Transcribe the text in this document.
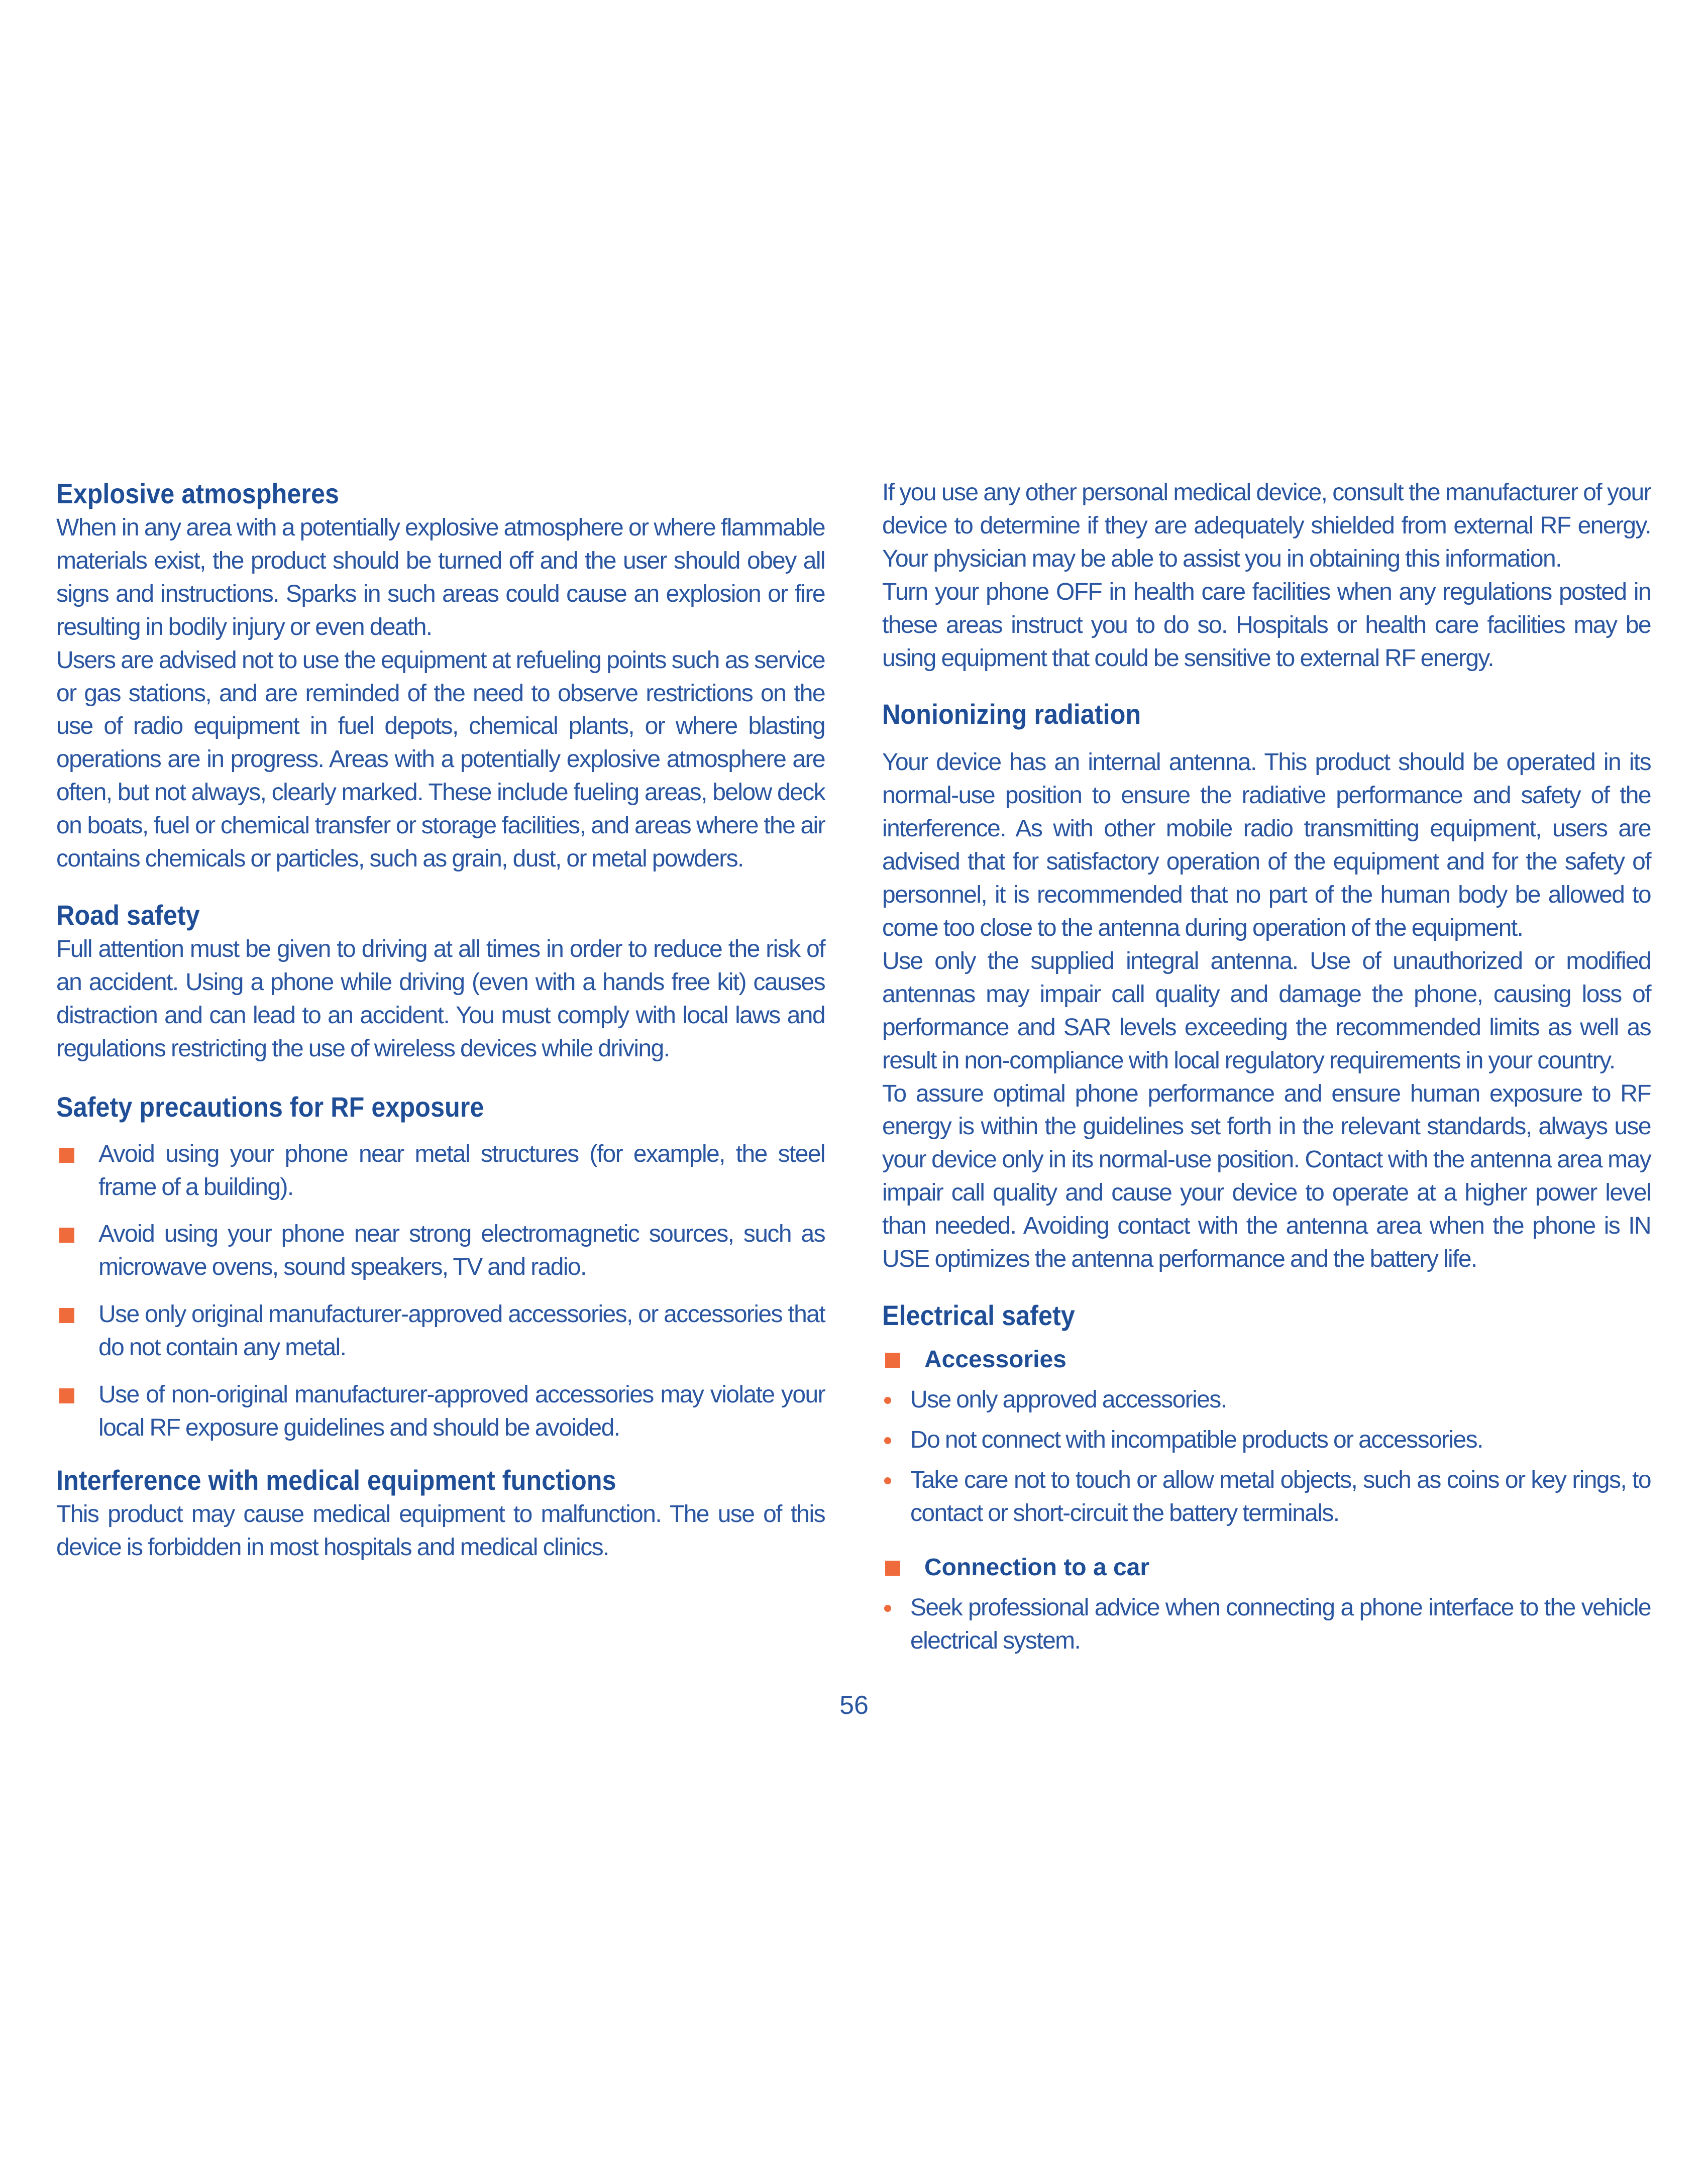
Explosive atmospheres

When in any area with a potentially explosive atmosphere or where flammable materials exist, the product should be turned off and the user should obey all signs and instructions. Sparks in such areas could cause an explosion or fire resulting in bodily injury or even death.

Users are advised not to use the equipment at refueling points such as service or gas stations, and are reminded of the need to observe restrictions on the use of radio equipment in fuel depots, chemical plants, or where blasting operations are in progress. Areas with a potentially explosive atmosphere are often, but not always, clearly marked. These include fueling areas, below deck on boats, fuel or chemical transfer or storage facilities, and areas where the air contains chemicals or particles, such as grain, dust, or metal powders.

Road safety

Full attention must be given to driving at all times in order to reduce the risk of an accident. Using a phone while driving (even with a hands free kit) causes distraction and can lead to an accident. You must comply with local laws and regulations restricting the use of wireless devices while driving.

Safety precautions for RF exposure
Avoid using your phone near metal structures (for example, the steel frame of a building).
Avoid using your phone near strong electromagnetic sources, such as microwave ovens, sound speakers, TV and radio.
Use only original manufacturer-approved accessories, or accessories that do not contain any metal.
Use of non-original manufacturer-approved accessories may violate your local RF exposure guidelines and should be avoided.
Interference with medical equipment functions

This product may cause medical equipment to malfunction. The use of this device is forbidden in most hospitals and medical clinics.

If you use any other personal medical device, consult the manufacturer of your device to determine if they are adequately shielded from external RF energy. Your physician may be able to assist you in obtaining this information.

Turn your phone OFF in health care facilities when any regulations posted in these areas instruct you to do so. Hospitals or health care facilities may be using equipment that could be sensitive to external RF energy.

Nonionizing radiation

Your device has an internal antenna. This product should be operated in its normal-use position to ensure the radiative performance and safety of the interference. As with other mobile radio transmitting equipment, users are advised that for satisfactory operation of the equipment and for the safety of personnel, it is recommended that no part of the human body be allowed to come too close to the antenna during operation of the equipment.

Use only the supplied integral antenna. Use of unauthorized or modified antennas may impair call quality and damage the phone, causing loss of performance and SAR levels exceeding the recommended limits as well as result in non-compliance with local regulatory requirements in your country.

To assure optimal phone performance and ensure human exposure to RF energy is within the guidelines set forth in the relevant standards, always use your device only in its normal-use position. Contact with the antenna area may impair call quality and cause your device to operate at a higher power level than needed. Avoiding contact with the antenna area when the phone is IN USE optimizes the antenna performance and the battery life.

Electrical safety
Accessories
Use only approved accessories.
Do not connect with incompatible products or accessories.
Take care not to touch or allow metal objects, such as coins or key rings, to contact or short-circuit the battery terminals.
Connection to a car
Seek professional advice when connecting a phone interface to the vehicle electrical system.
56
